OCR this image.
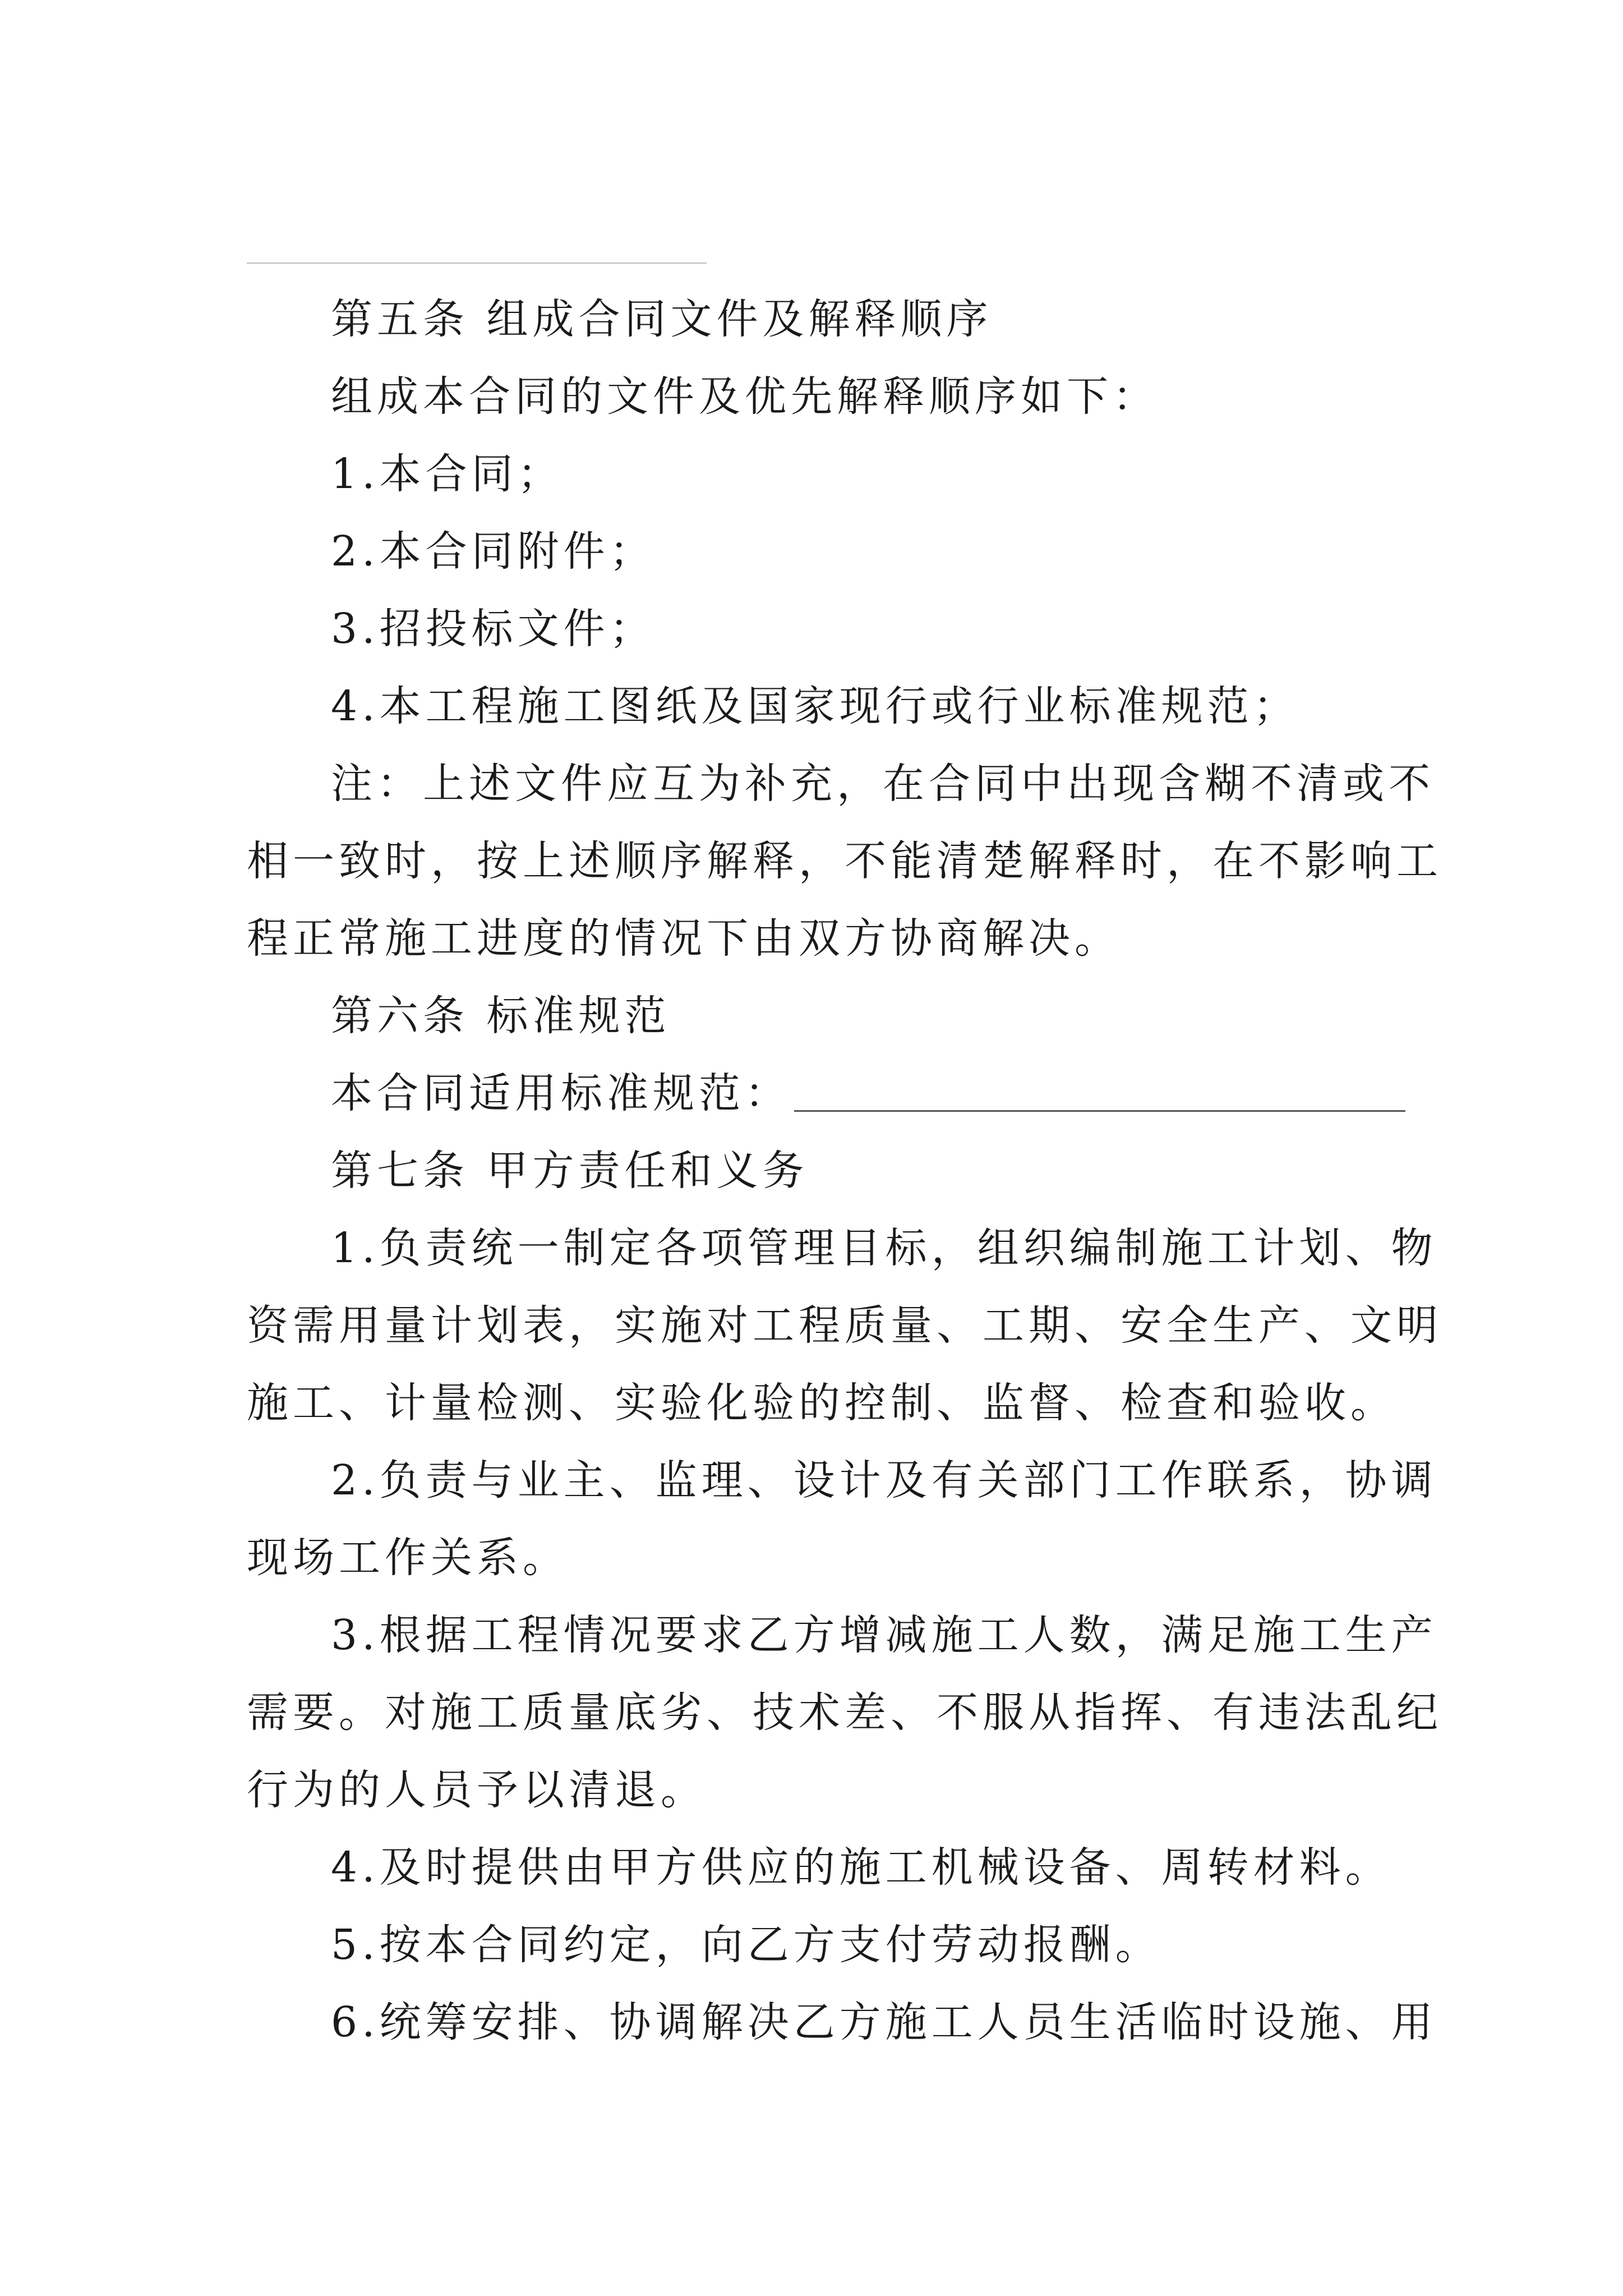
第五条 组成合同文件及解释顺序

组成本合同的文件及优先解释顺序如下：

1.本合同；

2.本合同附件；

3.招投标文件；

4.本工程施工图纸及国家现行或行业标准规范；

注：上述文件应互为补充，在合同中出现含糊不清或不

相一致时，按上述顺序解释，不能清楚解释时，在不影响工

程正常施工进度的情况下由双方协商解决。

第六条 标准规范

本合同适用标准规范：

第七条 甲方责任和义务

1.负责统一制定各项管理目标，组织编制施工计划、物

资需用量计划表，实施对工程质量、工期、安全生产、文明

施工、计量检测、实验化验的控制、监督、检查和验收。

2.负责与业主、监理、设计及有关部门工作联系，协调

现场工作关系。

3.根据工程情况要求乙方增减施工人数，满足施工生产

需要。对施工质量底劣、技术差、不服从指挥、有违法乱纪

行为的人员予以清退。

4.及时提供由甲方供应的施工机械设备、周转材料。

5.按本合同约定，向乙方支付劳动报酬。

6.统筹安排、协调解决乙方施工人员生活临时设施、用
